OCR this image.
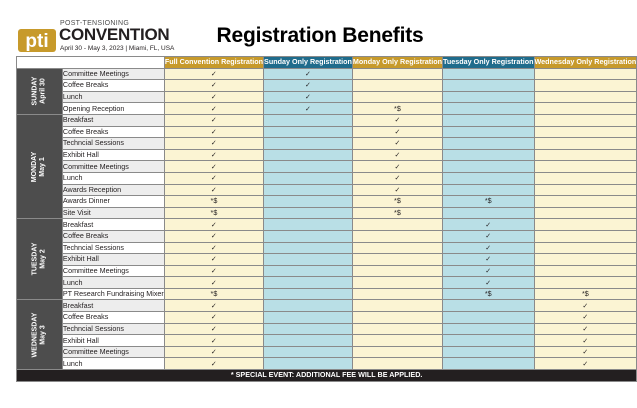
pti
POST-TENSIONING
CONVENTION
April 30 - May 3, 2023 | Miami, FL, USA
Registration Benefits
		Full Convention Registration	Sunday Only Registration	Monday Only Registration	Tuesday Only Registration	Wednesday Only Registration
SUNDAY
April 30	Committee Meetings	✓	✓			
	Coffee Breaks	✓	✓			
	Lunch	✓	✓			
	Opening Reception	✓	✓	*$		
MONDAY
May 1	Breakfast	✓		✓		
	Coffee Breaks	✓		✓		
	Techncial Sessions	✓		✓		
	Exhibit Hall	✓		✓		
	Committee Meetings	✓		✓		
	Lunch	✓		✓		
	Awards Reception	✓		✓		
	Awards Dinner	*$		*$	*$	
	Site Visit	*$		*$		
TUESDAY
May 2	Breakfast	✓			✓	
	Coffee Breaks	✓			✓	
	Techncial Sessions	✓			✓	
	Exhibit Hall	✓			✓	
	Committee Meetings	✓			✓	
	Lunch	✓			✓	
	PT Research Fundraising Mixer	*$			*$	*$
WEDNESDAY
May 3	Breakfast	✓				✓
	Coffee Breaks	✓				✓
	Techncial Sessions	✓				✓
	Exhibit Hall	✓				✓
	Committee Meetings	✓				✓
	Lunch	✓				✓
* SPECIAL EVENT: ADDITIONAL FEE WILL BE APPLIED.						
